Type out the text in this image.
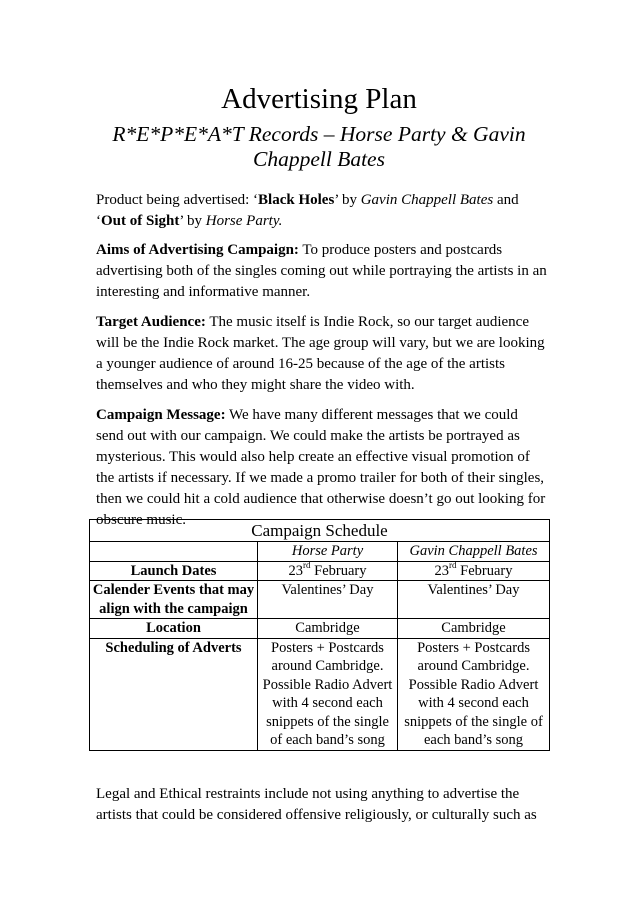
Advertising Plan
R*E*P*E*A*T Records – Horse Party & Gavin Chappell Bates

Product being advertised: ‘Black Holes’ by Gavin Chappell Bates and ‘Out of Sight’ by Horse Party.

Aims of Advertising Campaign: To produce posters and postcards advertising both of the singles coming out while portraying the artists in an interesting and informative manner.

Target Audience: The music itself is Indie Rock, so our target audience will be the Indie Rock market. The age group will vary, but we are looking a younger audience of around 16-25 because of the age of the artists themselves and who they might share the video with.

Campaign Message: We have many different messages that we could send out with our campaign. We could make the artists be portrayed as mysterious. This would also help create an effective visual promotion of the artists if necessary. If we made a promo trailer for both of their singles, then we could hit a cold audience that otherwise doesn’t go out looking for obscure music.

Campaign Schedule		
	Horse Party	Gavin Chappell Bates
Launch Dates	23rd February	23rd February
Calender Events that may align with the campaign	Valentines’ Day	Valentines’ Day
Location	Cambridge	Cambridge
Scheduling of Adverts	Posters + Postcards around Cambridge. Possible Radio Advert with 4 second each snippets of the single of each band’s song	Posters + Postcards around Cambridge. Possible Radio Advert with 4 second each snippets of the single of each band’s song

Legal and Ethical restraints include not using anything to advertise the artists that could be considered offensive religiously, or culturally such as
